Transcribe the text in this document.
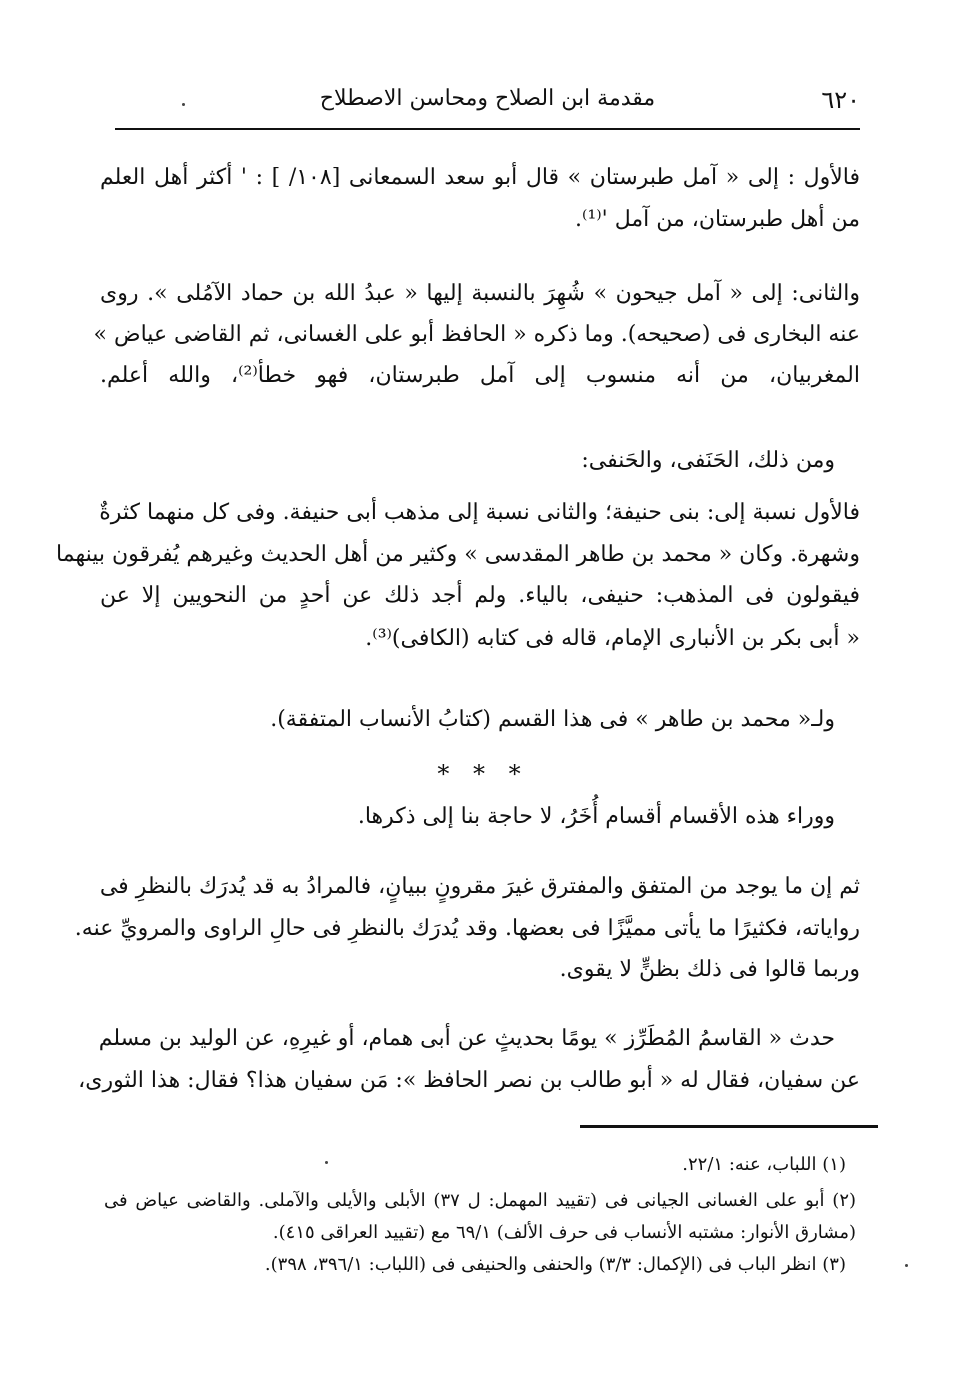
٦٢٠
مقدمة ابن الصلاح ومحاسن الاصطلاح
فالأول : إلى « آمل طبرستان » قال أبو سعد السمعانى [١٠٨/ ] : ' أكثر أهل العلم
من أهل طبرستان، من آمل '⁽¹⁾.
والثانى: إلى « آمل جيحون » شُهِرَ بالنسبة إليها « عبدُ الله بن حماد الآمُلى ». روى
عنه البخارى فى (صحيحه). وما ذكره « الحافظ أبو على الغسانى، ثم القاضى عياض »
المغربيان، من أنه منسوب إلى آمل طبرستان، فهو خطأ⁽²⁾، والله أعلم.
ومن ذلك، الحَنَفى، والحَنفى:
فالأول نسبة إلى: بنى حنيفة؛ والثانى نسبة إلى مذهب أبى حنيفة. وفى كل منهما كثرةٌ
وشهرة. وكان « محمد بن طاهر المقدسى » وكثير من أهل الحديث وغيرهم يُفرقون بينهما
فيقولون فى المذهب: حنيفى، بالياء. ولم أجد ذلك عن أحدٍ من النحويين إلا عن
« أبى بكر بن الأنبارى الإمام، قاله فى كتابه (الكافى)⁽³⁾.
ولـ« محمد بن طاهر » فى هذا القسم (كتابُ الأنساب المتفقة).
* * *
ووراء هذه الأقسام أقسام أُخَرُ، لا حاجة بنا إلى ذكرها.
ثم إن ما يوجد من المتفق والمفترق غيرَ مقرونٍ ببيانٍ، فالمرادُ به قد يُدرَك بالنظرِ فى
رواياته، فكثيرًا ما يأتى مميَّزًا فى بعضها. وقد يُدرَك بالنظرِ فى حالِ الراوى والمرويِّ عنه.
وربما قالوا فى ذلك بظنٍّ لا يقوى.
حدث « القاسمُ المُطَرِّز » يومًا بحديثٍ عن أبى همام، أو غيرِهِ، عن الوليد بن مسلم
عن سفيان، فقال له « أبو طالب بن نصر الحافظ »: مَن سفيان هذا؟ فقال: هذا الثورى،
(١) اللباب، عنه: ٢٢/١.
(٢) أبو على الغسانى الجيانى فى (تقييد المهمل: ل ٣٧) الأبلى والأيلى والآملى. والقاضى عياض فى
(مشارق الأنوار: مشتبه الأنساب فى حرف الألف) ٦٩/١ مع (تقييد العراقى ٤١٥).
(٣) انظر الباب فى (الإكمال: ٣/٣) والحنفى والحنيفى فى (اللباب: ٣٩٦/١، ٣٩٨).
